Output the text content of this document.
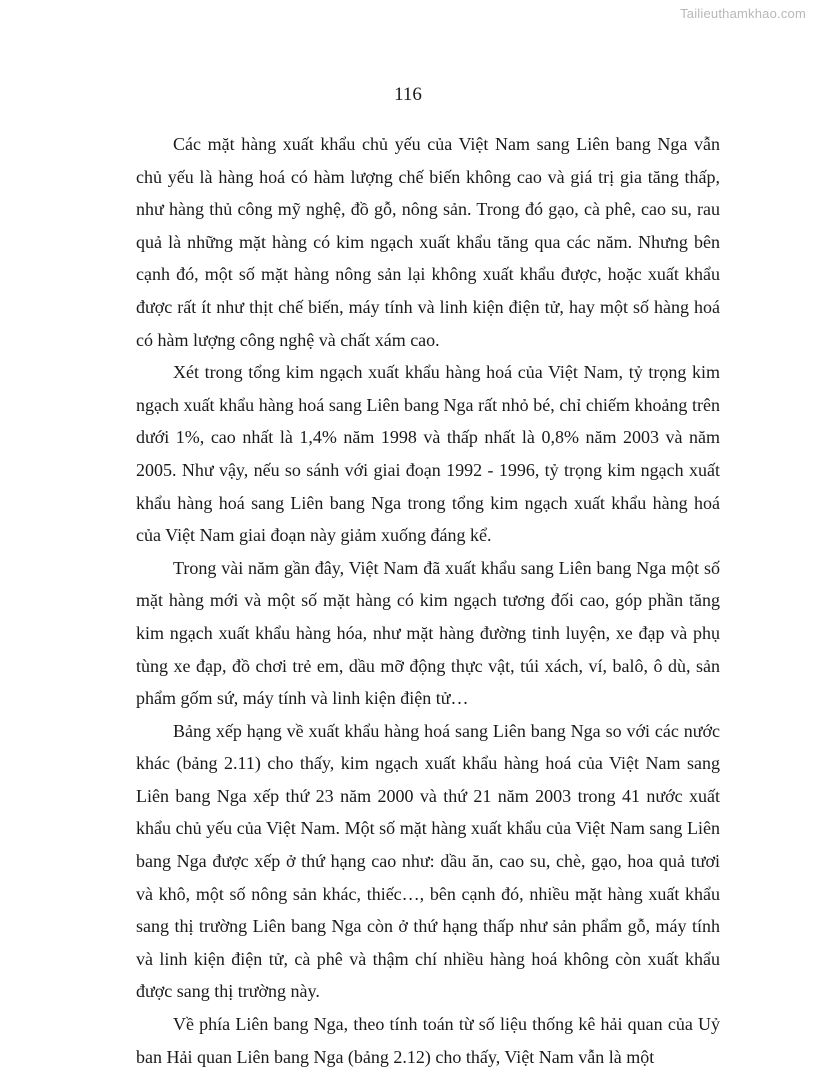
Tailieuthamkhao.com
116

Các mặt hàng xuất khẩu chủ yếu của Việt Nam sang Liên bang Nga vẫn chủ yếu là hàng hoá có hàm lượng chế biến không cao và giá trị gia tăng thấp, như hàng thủ công mỹ nghệ, đồ gỗ, nông sản. Trong đó gạo, cà phê, cao su, rau quả là những mặt hàng có kim ngạch xuất khẩu tăng qua các năm. Nhưng bên cạnh đó, một số mặt hàng nông sản lại không xuất khẩu được, hoặc xuất khẩu được rất ít như thịt chế biến, máy tính và linh kiện điện tử, hay một số hàng hoá có hàm lượng công nghệ và chất xám cao.

Xét trong tổng kim ngạch xuất khẩu hàng hoá của Việt Nam, tỷ trọng kim ngạch xuất khẩu hàng hoá sang Liên bang Nga rất nhỏ bé, chỉ chiếm khoảng trên dưới 1%, cao nhất là 1,4% năm 1998 và thấp nhất là 0,8% năm 2003 và năm 2005. Như vậy, nếu so sánh với giai đoạn 1992 - 1996, tỷ trọng kim ngạch xuất khẩu hàng hoá sang Liên bang Nga trong tổng kim ngạch xuất khẩu hàng hoá của Việt Nam giai đoạn này giảm xuống đáng kể.

Trong vài năm gần đây, Việt Nam đã xuất khẩu sang Liên bang Nga một số mặt hàng mới và một số mặt hàng có kim ngạch tương đối cao, góp phần tăng kim ngạch xuất khẩu hàng hóa, như mặt hàng đường tinh luyện, xe đạp và phụ tùng xe đạp, đồ chơi trẻ em, dầu mỡ động thực vật, túi xách, ví, balô, ô dù, sản phẩm gốm sứ, máy tính và linh kiện điện tử…

Bảng xếp hạng về xuất khẩu hàng hoá sang Liên bang Nga so với các nước khác (bảng 2.11) cho thấy, kim ngạch xuất khẩu hàng hoá của Việt Nam sang Liên bang Nga xếp thứ 23 năm 2000 và thứ 21 năm 2003 trong 41 nước xuất khẩu chủ yếu của Việt Nam. Một số mặt hàng xuất khẩu của Việt Nam sang Liên bang Nga được xếp ở thứ hạng cao như: dầu ăn, cao su, chè, gạo, hoa quả tươi và khô, một số nông sản khác, thiếc…, bên cạnh đó, nhiều mặt hàng xuất khẩu sang thị trường Liên bang Nga còn ở thứ hạng thấp như sản phẩm gỗ, máy tính và linh kiện điện tử, cà phê và thậm chí nhiều hàng hoá không còn xuất khẩu được sang thị trường này.

Về phía Liên bang Nga, theo tính toán từ số liệu thống kê hải quan của Uỷ ban Hải quan Liên bang Nga (bảng 2.12) cho thấy, Việt Nam vẫn là một
